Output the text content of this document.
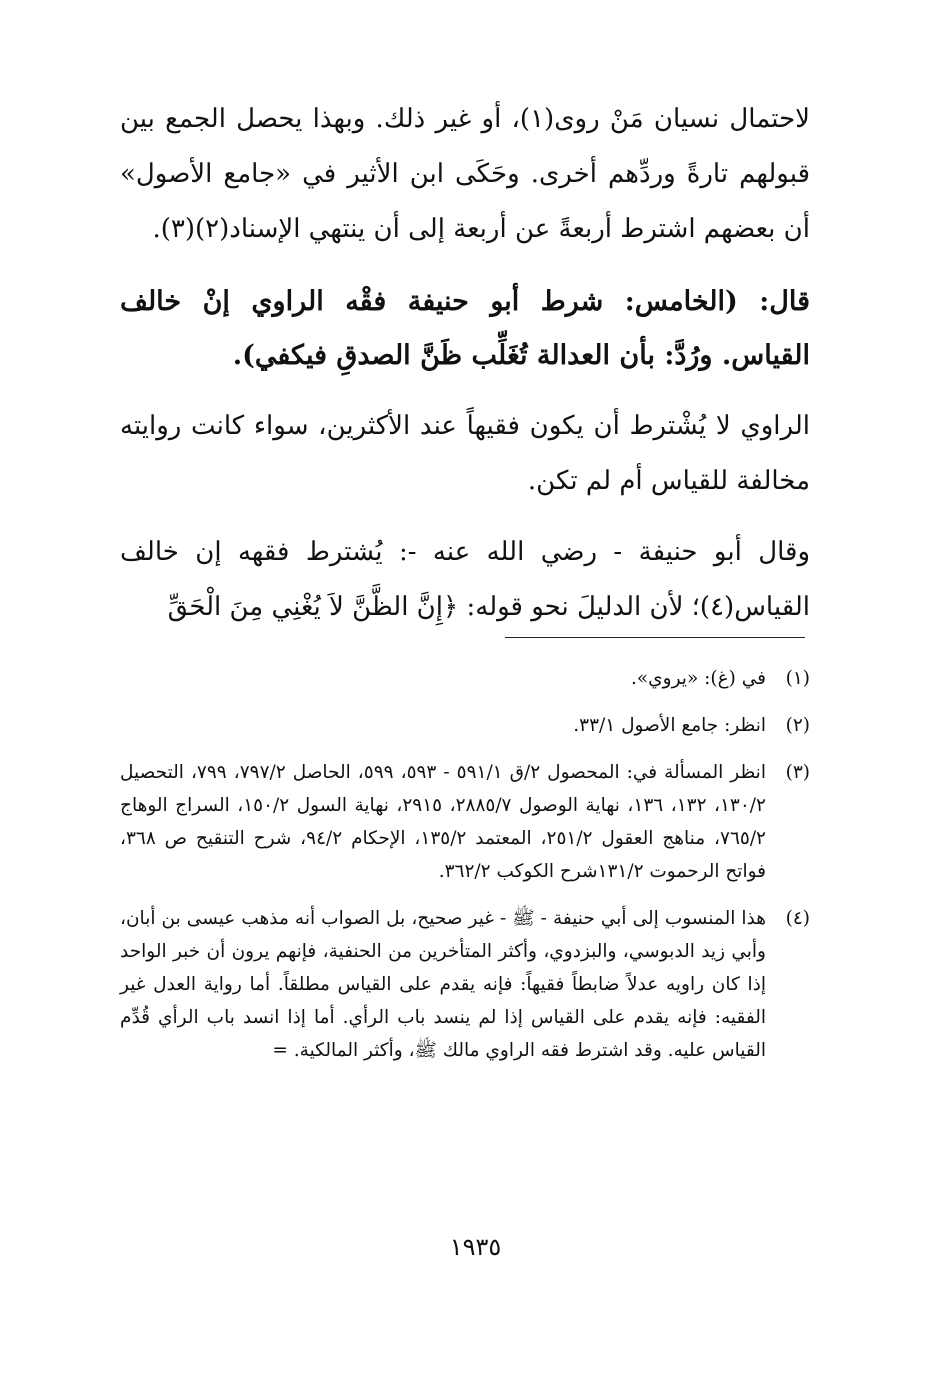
لاحتمال نسيان مَنْ روى(١)، أو غير ذلك. وبهذا يحصل الجمع بين قبولهم تارةً وردِّهم أخرى. وحَكَى ابن الأثير في «جامع الأصول» أن بعضهم اشترط أربعةً عن أربعة إلى أن ينتهي الإسناد(٢)(٣).

قال: (الخامس: شرط أبو حنيفة فقْه الراوي إنْ خالف القياس. ورُدَّ: بأن العدالة تُغَلِّب ظَنَّ الصدقِ فيكفي).

الراوي لا يُشْترط أن يكون فقيهاً عند الأكثرين، سواء كانت روايته مخالفة للقياس أم لم تكن.

وقال أبو حنيفة - رضي الله عنه -: يُشترط فقهه إن خالف القياس(٤)؛ لأن الدليلَ نحو قوله: ﴿إِنَّ الظَّنَّ لاَ يُغْنِي مِنَ الْحَقِّ

(١)
في (غ): «يروي».
(٢)
انظر: جامع الأصول ٣٣/١.
(٣)
انظر المسألة في: المحصول ٢/ق ٥٩١/١ - ٥٩٣، ٥٩٩، الحاصل ٧٩٧/٢، ٧٩٩، التحصيل ١٣٠/٢، ١٣٢، ١٣٦، نهاية الوصول ٢٨٨٥/٧، ٢٩١٥، نهاية السول ١٥٠/٢، السراج الوهاج ٧٦٥/٢، مناهج العقول ٢٥١/٢، المعتمد ١٣٥/٢، الإحكام ٩٤/٢، شرح التنقيح ص ٣٦٨، فواتح الرحموت ١٣١/٢شرح الكوكب ٣٦٢/٢.
(٤)
هذا المنسوب إلى أبي حنيفة - ﷺ - غير صحيح، بل الصواب أنه مذهب عيسى بن أبان، وأبي زيد الدبوسي، والبزدوي، وأكثر المتأخرين من الحنفية، فإنهم يرون أن خبر الواحد إذا كان راويه عدلاً ضابطاً فقيهاً: فإنه يقدم على القياس مطلقاً. أما رواية العدل غير الفقيه: فإنه يقدم على القياس إذا لم ينسد باب الرأي. أما إذا انسد باب الرأي قُدِّم القياس عليه. وقد اشترط فقه الراوي مالك ﷺ، وأكثر المالكية. =
١٩٣٥
